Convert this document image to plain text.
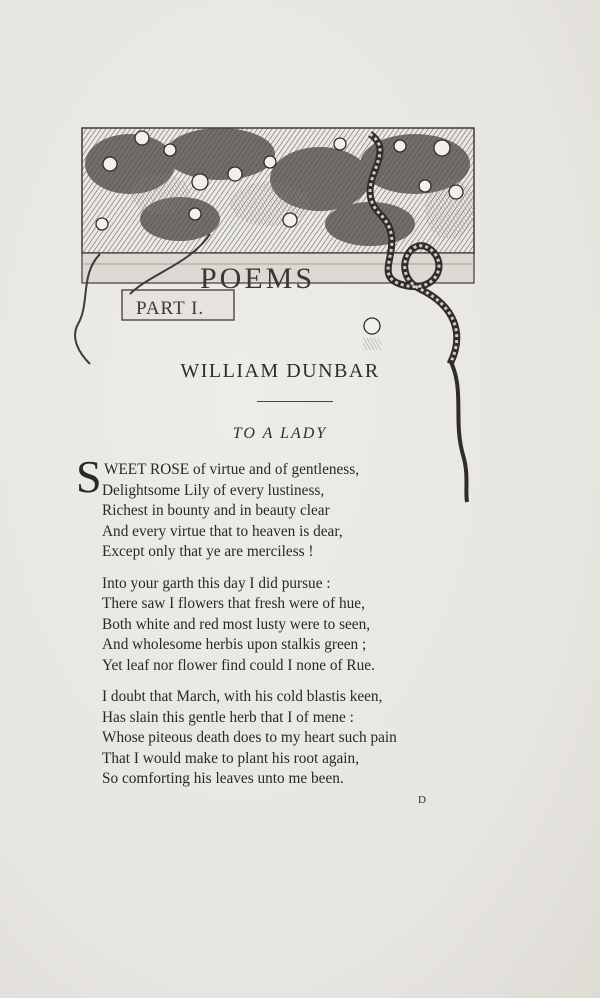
POEMS
PART I.
WILLIAM DUNBAR
TO A LADY
S WEET ROSE of virtue and of gentleness,
Delightsome Lily of every lustiness,
Richest in bounty and in beauty clear
And every virtue that to heaven is dear,
Except only that ye are merciless !
Into your garth this day I did pursue :
There saw I flowers that fresh were of hue,
Both white and red most lusty were to seen,
And wholesome herbis upon stalkis green ;
Yet leaf nor flower find could I none of Rue.
I doubt that March, with his cold blastis keen,
Has slain this gentle herb that I of mene :
Whose piteous death does to my heart such pain
That I would make to plant his root again,
So comforting his leaves unto me been.
D
